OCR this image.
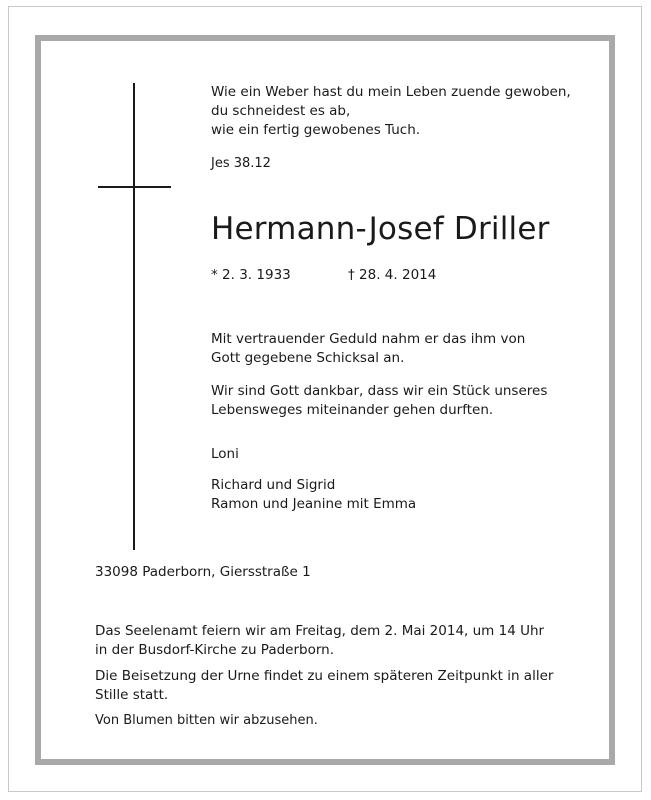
Wie ein Weber hast du mein Leben zuende gewoben,
du schneidest es ab,
wie ein fertig gewobenes Tuch.
Jes 38.12
Hermann-Josef Driller
* 2. 3. 1933	† 28. 4. 2014
Mit vertrauender Geduld nahm er das ihm von
Gott gegebene Schicksal an.
Wir sind Gott dankbar, dass wir ein Stück unseres
Lebensweges miteinander gehen durften.
Loni
Richard und Sigrid
Ramon und Jeanine mit Emma
33098 Paderborn, Giersstraße 1
Das Seelenamt feiern wir am Freitag, dem 2. Mai 2014, um 14 Uhr
in der Busdorf-Kirche zu Paderborn.
Die Beisetzung der Urne findet zu einem späteren Zeitpunkt in aller
Stille statt.
Von Blumen bitten wir abzusehen.
